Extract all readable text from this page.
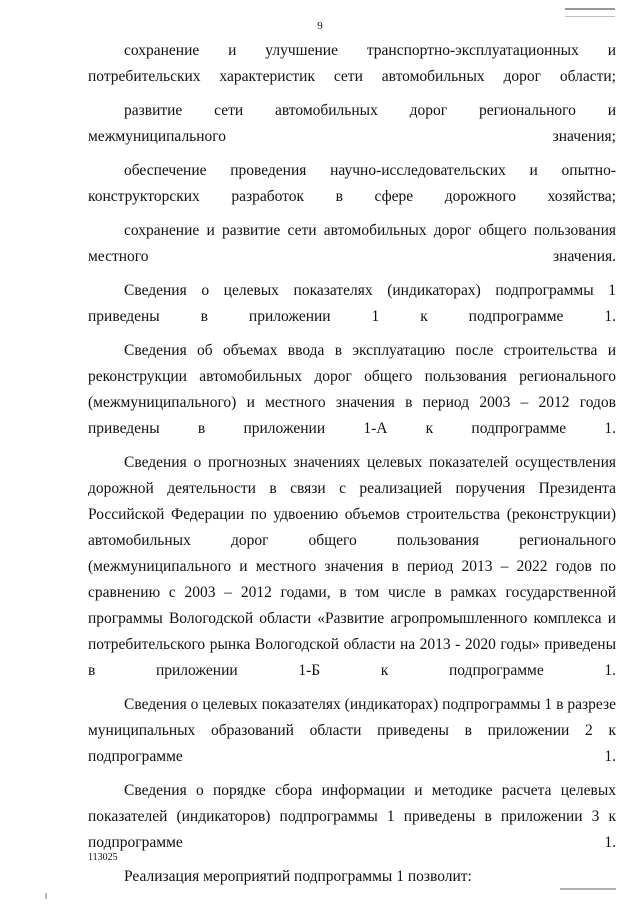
9

сохранение и улучшение транспортно-эксплуатационных и потребительских характеристик сети автомобильных дорог области;

развитие сети автомобильных дорог регионального и межмуниципального значения;

обеспечение проведения научно-исследовательских и опытно-конструкторских разработок в сфере дорожного хозяйства;

сохранение и развитие сети автомобильных дорог общего пользования местного значения.

Сведения о целевых показателях (индикаторах) подпрограммы 1 приведены в приложении 1 к подпрограмме 1.

Сведения об объемах ввода в эксплуатацию после строительства и реконструкции автомобильных дорог общего пользования регионального (межмуниципального) и местного значения в период 2003 – 2012 годов приведены в приложении 1-А к подпрограмме 1.

Сведения о прогнозных значениях целевых показателей осуществления дорожной деятельности в связи с реализацией поручения Президента Российской Федерации по удвоению объемов строительства (реконструкции) автомобильных дорог общего пользования регионального (межмуниципального и местного значения в период 2013 – 2022 годов по сравнению с 2003 – 2012 годами, в том числе в рамках государственной программы Вологодской области «Развитие агропромышленного комплекса и потребительского рынка Вологодской области на 2013 - 2020 годы» приведены в приложении 1-Б к подпрограмме 1.

Сведения о целевых показателях (индикаторах) подпрограммы 1 в разрезе муниципальных образований области приведены в приложении 2 к подпрограмме 1.

Сведения о порядке сбора информации и методике расчета целевых показателей (индикаторов) подпрограммы 1 приведены в приложении 3 к подпрограмме 1.

Реализация мероприятий подпрограммы 1 позволит:

113025
